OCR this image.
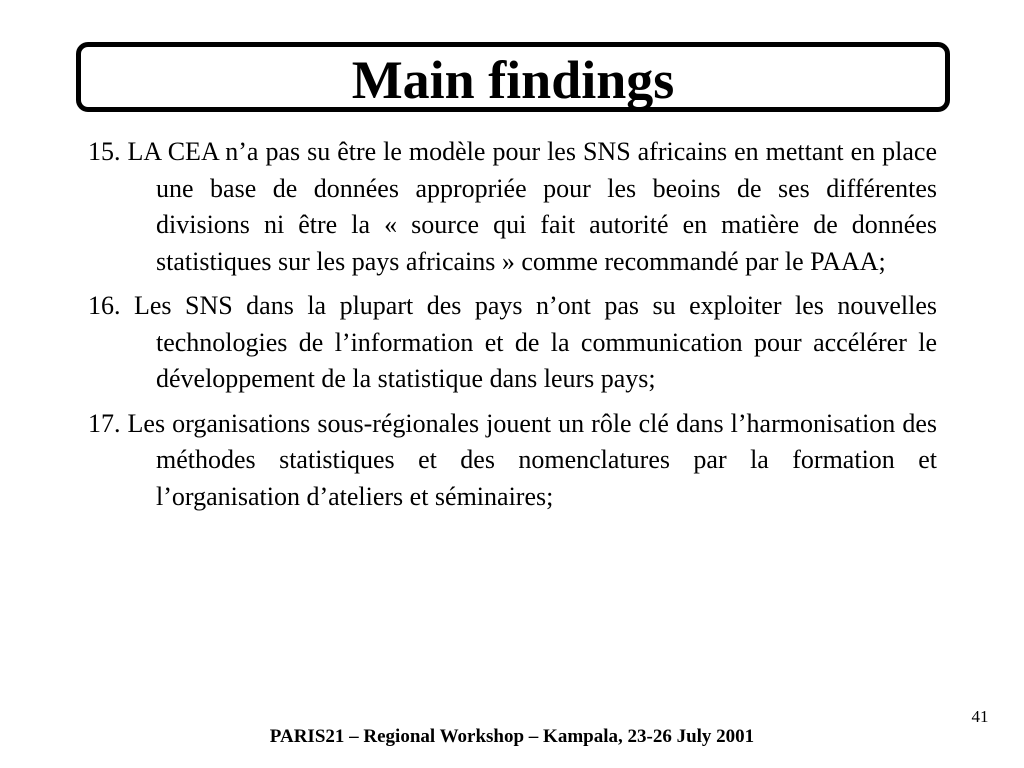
Main findings
15. LA CEA n’a pas su être le modèle pour les SNS africains en mettant en place une base de données appropriée pour les beoins de ses différentes divisions ni être la « source qui fait autorité en matière de données statistiques sur les pays africains » comme recommandé par le PAAA;
16. Les SNS dans la plupart des pays n’ont pas su exploiter les nouvelles technologies de l’information et de la communication pour accélérer le développement de la statistique dans leurs pays;
17. Les organisations sous-régionales jouent un rôle clé dans l’harmonisation des méthodes statistiques et des nomenclatures par la formation et l’organisation d’ateliers et séminaires;
41
PARIS21 – Regional Workshop – Kampala, 23-26 July 2001
